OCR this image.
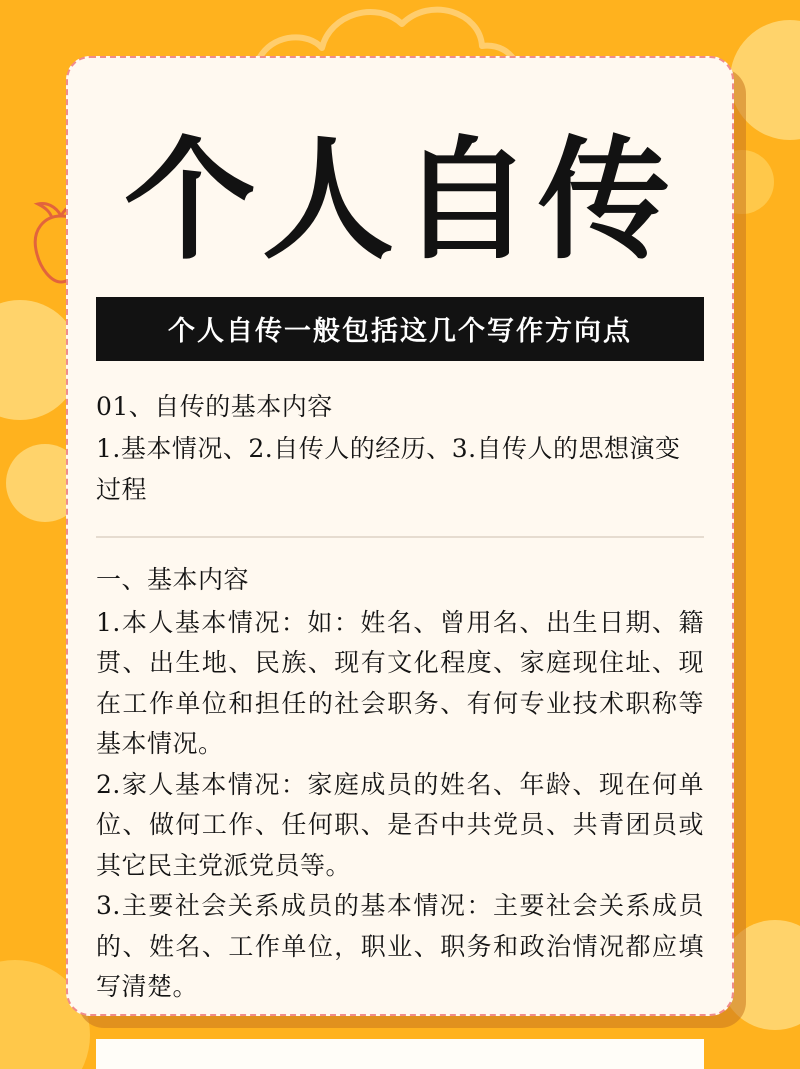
个人自传
个人自传一般包括这几个写作方向点

01、自传的基本内容

1.基本情况、2.自传人的经历、3.自传人的思想演变过程

一、基本内容

1.本人基本情况：如：姓名、曾用名、出生日期、籍贯、出生地、民族、现有文化程度、家庭现住址、现在工作单位和担任的社会职务、有何专业技术职称等基本情况。

2.家人基本情况：家庭成员的姓名、年龄、现在何单位、做何工作、任何职、是否中共党员、共青团员或其它民主党派党员等。

3.主要社会关系成员的基本情况：主要社会关系成员的、姓名、工作单位，职业、职务和政治情况都应填写清楚。
